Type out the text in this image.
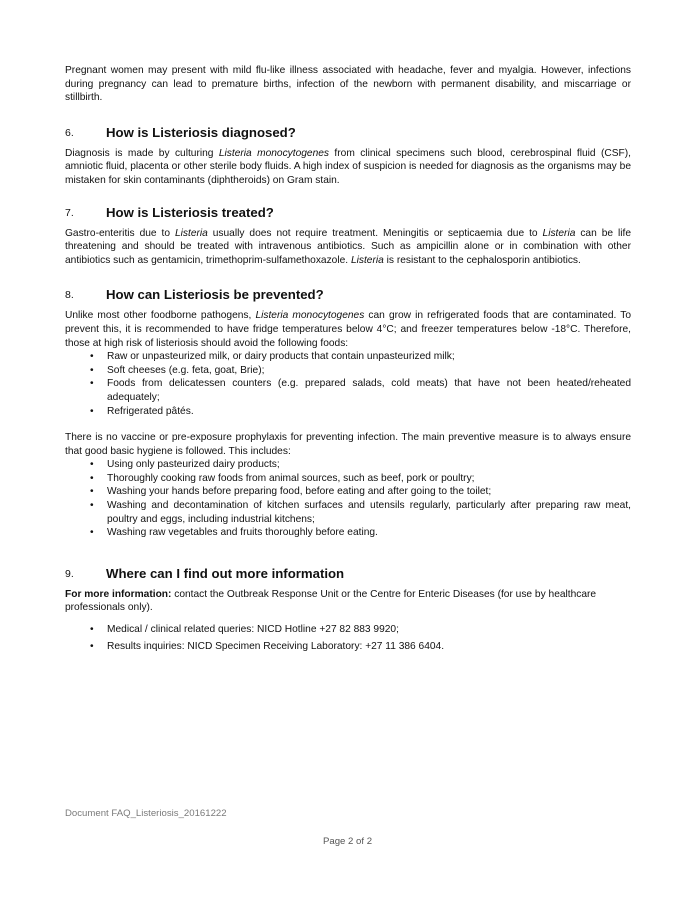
Pregnant women may present with mild flu-like illness associated with headache, fever and myalgia. However, infections during pregnancy can lead to premature births, infection of the newborn with permanent disability, and miscarriage or stillbirth.

6.	How is Listeriosis diagnosed?

Diagnosis is made by culturing Listeria monocytogenes from clinical specimens such blood, cerebrospinal fluid (CSF), amniotic fluid, placenta or other sterile body fluids. A high index of suspicion is needed for diagnosis as the organisms may be mistaken for skin contaminants (diphtheroids) on Gram stain.

7.	How is Listeriosis treated?

Gastro-enteritis due to Listeria usually does not require treatment. Meningitis or septicaemia due to Listeria can be life threatening and should be treated with intravenous antibiotics. Such as ampicillin alone or in combination with other antibiotics such as gentamicin, trimethoprim-sulfamethoxazole. Listeria is resistant to the cephalosporin antibiotics.

8.	How can Listeriosis be prevented?

Unlike most other foodborne pathogens, Listeria monocytogenes can grow in refrigerated foods that are contaminated. To prevent this, it is recommended to have fridge temperatures below 4°C; and freezer temperatures below -18°C. Therefore, those at high risk of listeriosis should avoid the following foods:

• Raw or unpasteurized milk, or dairy products that contain unpasteurized milk;
• Soft cheeses (e.g. feta, goat, Brie);
• Foods from delicatessen counters (e.g. prepared salads, cold meats) that have not been heated/reheated adequately;
• Refrigerated pâtés.

There is no vaccine or pre-exposure prophylaxis for preventing infection. The main preventive measure is to always ensure that good basic hygiene is followed. This includes:

• Using only pasteurized dairy products;
• Thoroughly cooking raw foods from animal sources, such as beef, pork or poultry;
• Washing your hands before preparing food, before eating and after going to the toilet;
• Washing and decontamination of kitchen surfaces and utensils regularly, particularly after preparing raw meat, poultry and eggs, including industrial kitchens;
• Washing raw vegetables and fruits thoroughly before eating.
9.	Where can I find out more information

For more information: contact the Outbreak Response Unit or the Centre for Enteric Diseases (for use by healthcare professionals only).

• Medical / clinical related queries: NICD Hotline +27 82 883 9920;
• Results inquiries: NICD Specimen Receiving Laboratory: +27 11 386 6404.
Document FAQ_Listeriosis_20161222
Page 2 of 2
